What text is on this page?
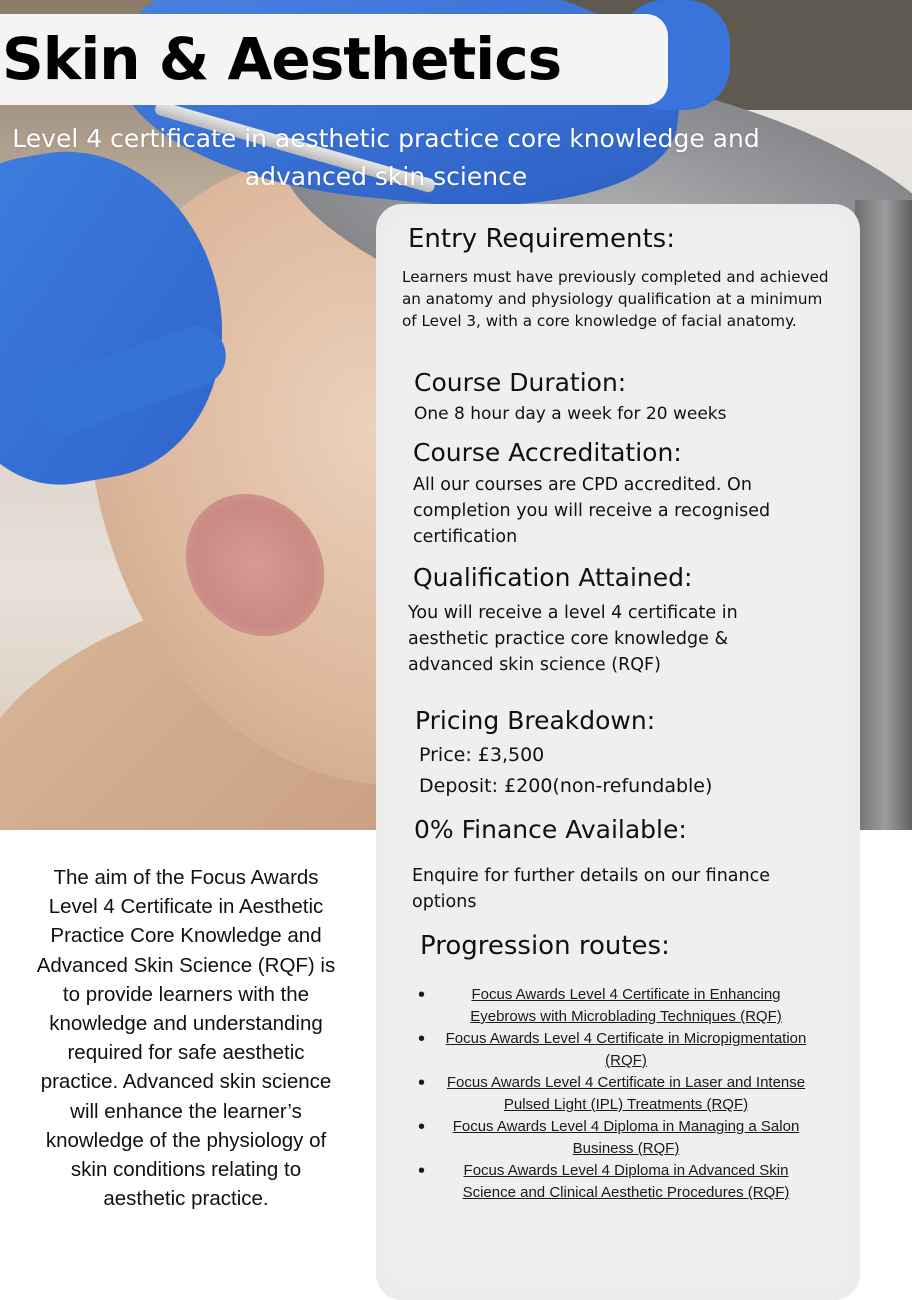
Skin & Aesthetics
Level 4 certificate in aesthetic practice core knowledge and advanced skin science
Entry Requirements:
Learners must have previously completed and achieved an anatomy and physiology qualification at a minimum of Level 3, with a core knowledge of facial anatomy.
Course Duration:
One 8 hour day a week for 20 weeks
Course Accreditation:
All our courses are CPD accredited. On completion you will receive a recognised certification
Qualification Attained:
You will receive a level 4 certificate in aesthetic practice core knowledge & advanced skin science (RQF)
Pricing Breakdown:
Price: £3,500
Deposit: £200(non-refundable)
0% Finance Available:
Enquire for further details on our finance options
Progression routes:
• Focus Awards Level 4 Certificate in Enhancing Eyebrows with Microblading Techniques (RQF)
• Focus Awards Level 4 Certificate in Micropigmentation (RQF)
• Focus Awards Level 4 Certificate in Laser and Intense Pulsed Light (IPL) Treatments (RQF)
• Focus Awards Level 4 Diploma in Managing a Salon Business (RQF)
• Focus Awards Level 4 Diploma in Advanced Skin Science and Clinical Aesthetic Procedures (RQF)
The aim of the Focus Awards Level 4 Certificate in Aesthetic Practice Core Knowledge and Advanced Skin Science (RQF) is to provide learners with the knowledge and understanding required for safe aesthetic practice. Advanced skin science will enhance the learner’s knowledge of the physiology of skin conditions relating to aesthetic practice.
